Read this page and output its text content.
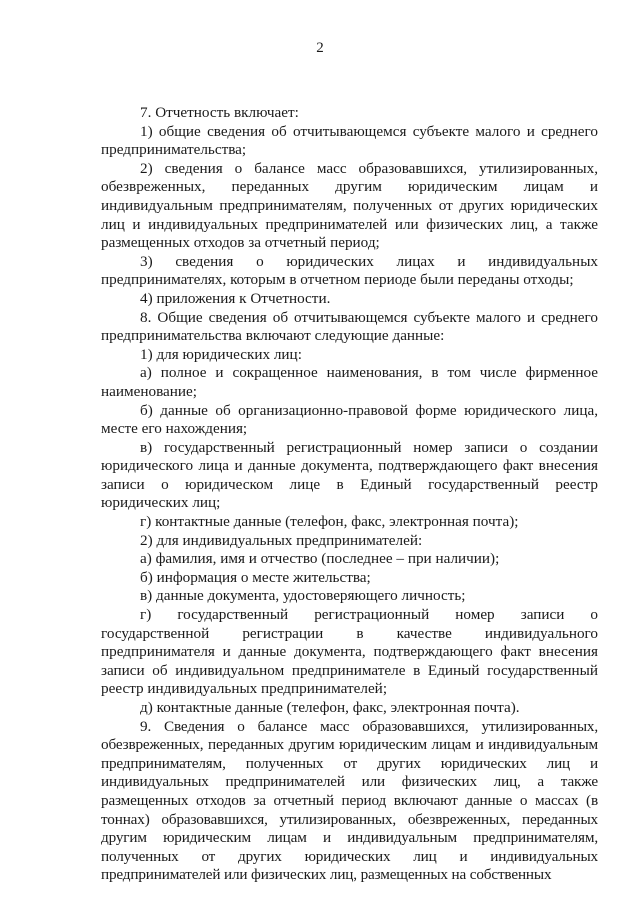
2

7. Отчетность включает:

1) общие сведения об отчитывающемся субъекте малого и среднего предпринимательства;

2) сведения о балансе масс образовавшихся, утилизированных, обезвреженных, переданных другим юридическим лицам и индивидуальным предпринимателям, полученных от других юридических лиц и индивидуальных предпринимателей или физических лиц, а также размещенных отходов за отчетный период;

3) сведения о юридических лицах и индивидуальных предпринимателях, которым в отчетном периоде были переданы отходы;

4) приложения к Отчетности.

8. Общие сведения об отчитывающемся субъекте малого и среднего предпринимательства включают следующие данные:

1) для юридических лиц:

а) полное и сокращенное наименования, в том числе фирменное наименование;

б) данные об организационно-правовой форме юридического лица, месте его нахождения;

в) государственный регистрационный номер записи о создании юридического лица и данные документа, подтверждающего факт внесения записи о юридическом лице в Единый государственный реестр юридических лиц;

г) контактные данные (телефон, факс, электронная почта);

2) для индивидуальных предпринимателей:

а) фамилия, имя и отчество (последнее – при наличии);

б) информация о месте жительства;

в) данные документа, удостоверяющего личность;

г) государственный регистрационный номер записи о государственной регистрации в качестве индивидуального предпринимателя и данные документа, подтверждающего факт внесения записи об индивидуальном предпринимателе в Единый государственный реестр индивидуальных предпринимателей;

д) контактные данные (телефон, факс, электронная почта).

9. Сведения о балансе масс образовавшихся, утилизированных, обезвреженных, переданных другим юридическим лицам и индивидуальным предпринимателям, полученных от других юридических лиц и индивидуальных предпринимателей или физических лиц, а также размещенных отходов за отчетный период включают данные о массах (в тоннах) образовавшихся, утилизированных, обезвреженных, переданных другим юридическим лицам и индивидуальным предпринимателям, полученных от других юридических лиц и индивидуальных предпринимателей или физических лиц, размещенных на собственных
